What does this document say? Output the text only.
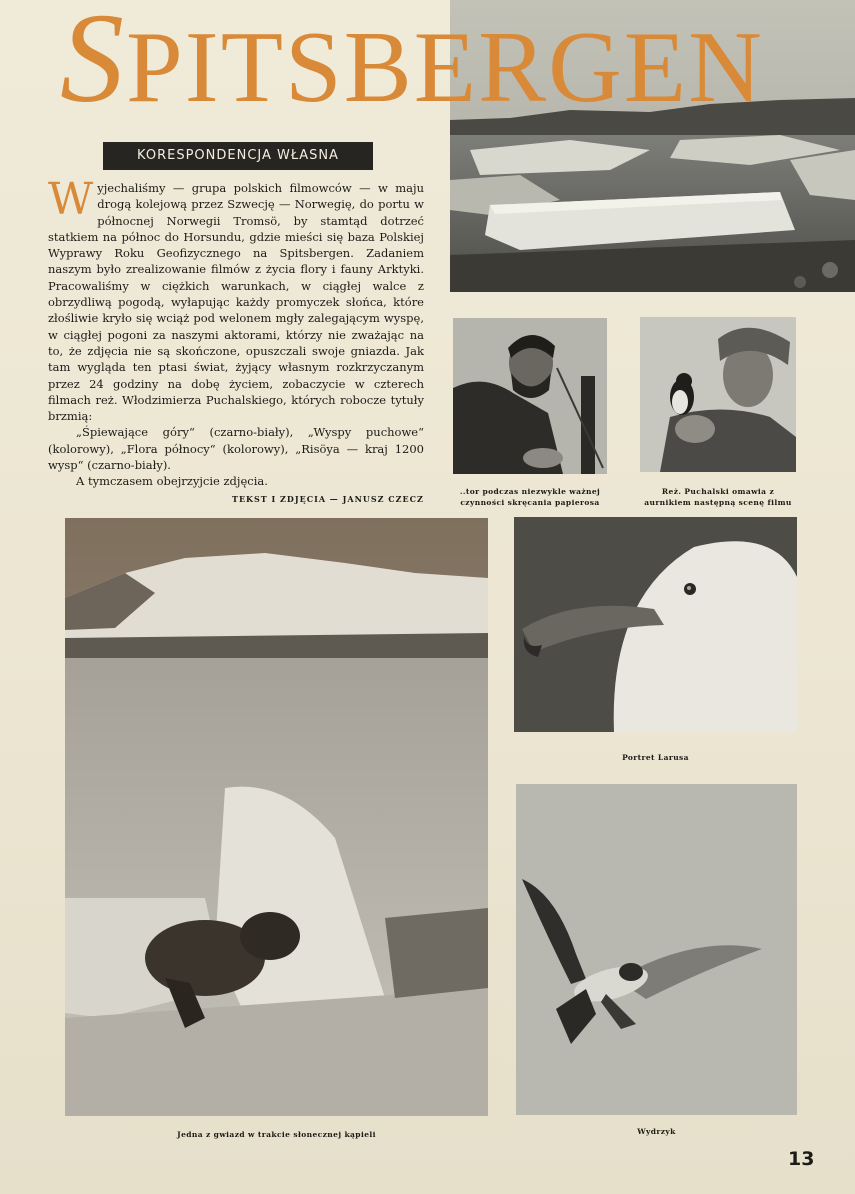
SPITSBERGEN
KORESPONDENCJA WŁASNA
W yjechaliśmy — grupa polskich filmowców — w maju drogą kolejową przez Szwecję — Norwegię, do portu w północnej Norwegii Tromsö, by stamtąd dotrzeć statkiem na północ do Horsundu, gdzie mieści się baza Polskiej Wyprawy Roku Geofizycznego na Spitsbergen. Zadaniem naszym było zrealizowanie filmów z życia flory i fauny Arktyki. Pracowaliśmy w ciężkich warunkach, w ciągłej walce z obrzydliwą pogodą, wyłapując każdy promyczek słońca, które złośliwie kryło się wciąż pod welonem mgły zalegającym wyspę, w ciągłej pogoni za naszymi aktorami, którzy nie zważając na to, że zdjęcia nie są skończone, opuszczali swoje gniazda. Jak tam wygląda ten ptasi świat, żyjący własnym rozkrzyczanym przez 24 godziny na dobę życiem, zobaczycie w czterech filmach reż. Włodzimierza Puchalskiego, których robocze tytuły brzmią:

„Śpiewające góry“ (czarno-biały), „Wyspy puchowe“ (kolorowy), „Flora północy“ (kolorowy), „Risöya — kraj 1200 wysp“ (czarno-biały).

A tymczasem obejrzyjcie zdjęcia.

TEKST I ZDJĘCIA — JANUSZ CZECZ
..tor podczas niezwykle ważnej czynności skręcania papierosa
Reż. Puchalski omawia z aurnikiem następną scenę filmu
Portret Larusa
Jedna z gwiazd w trakcie słonecznej kąpieli	Wydrzyk
13
